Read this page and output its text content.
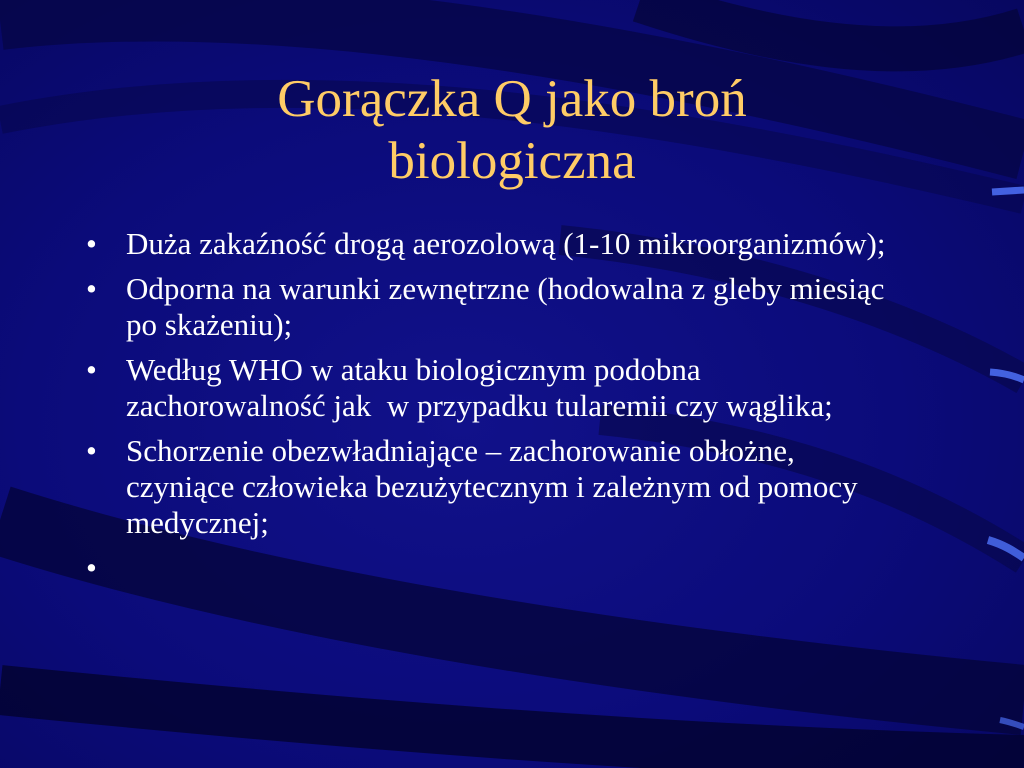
Gorączka Q jako broń
biologiczna
• Duża zakaźność drogą aerozolową (1-10 mikroorganizmów);
• Odporna na warunki zewnętrzne (hodowalna z gleby miesiąc po skażeniu);
• Według WHO w ataku biologicznym podobna zachorowalność jak  w przypadku tularemii czy wąglika;
• Schorzenie obezwładniające – zachorowanie obłożne, czyniące człowieka bezużytecznym i zależnym od pomocy medycznej;
•
